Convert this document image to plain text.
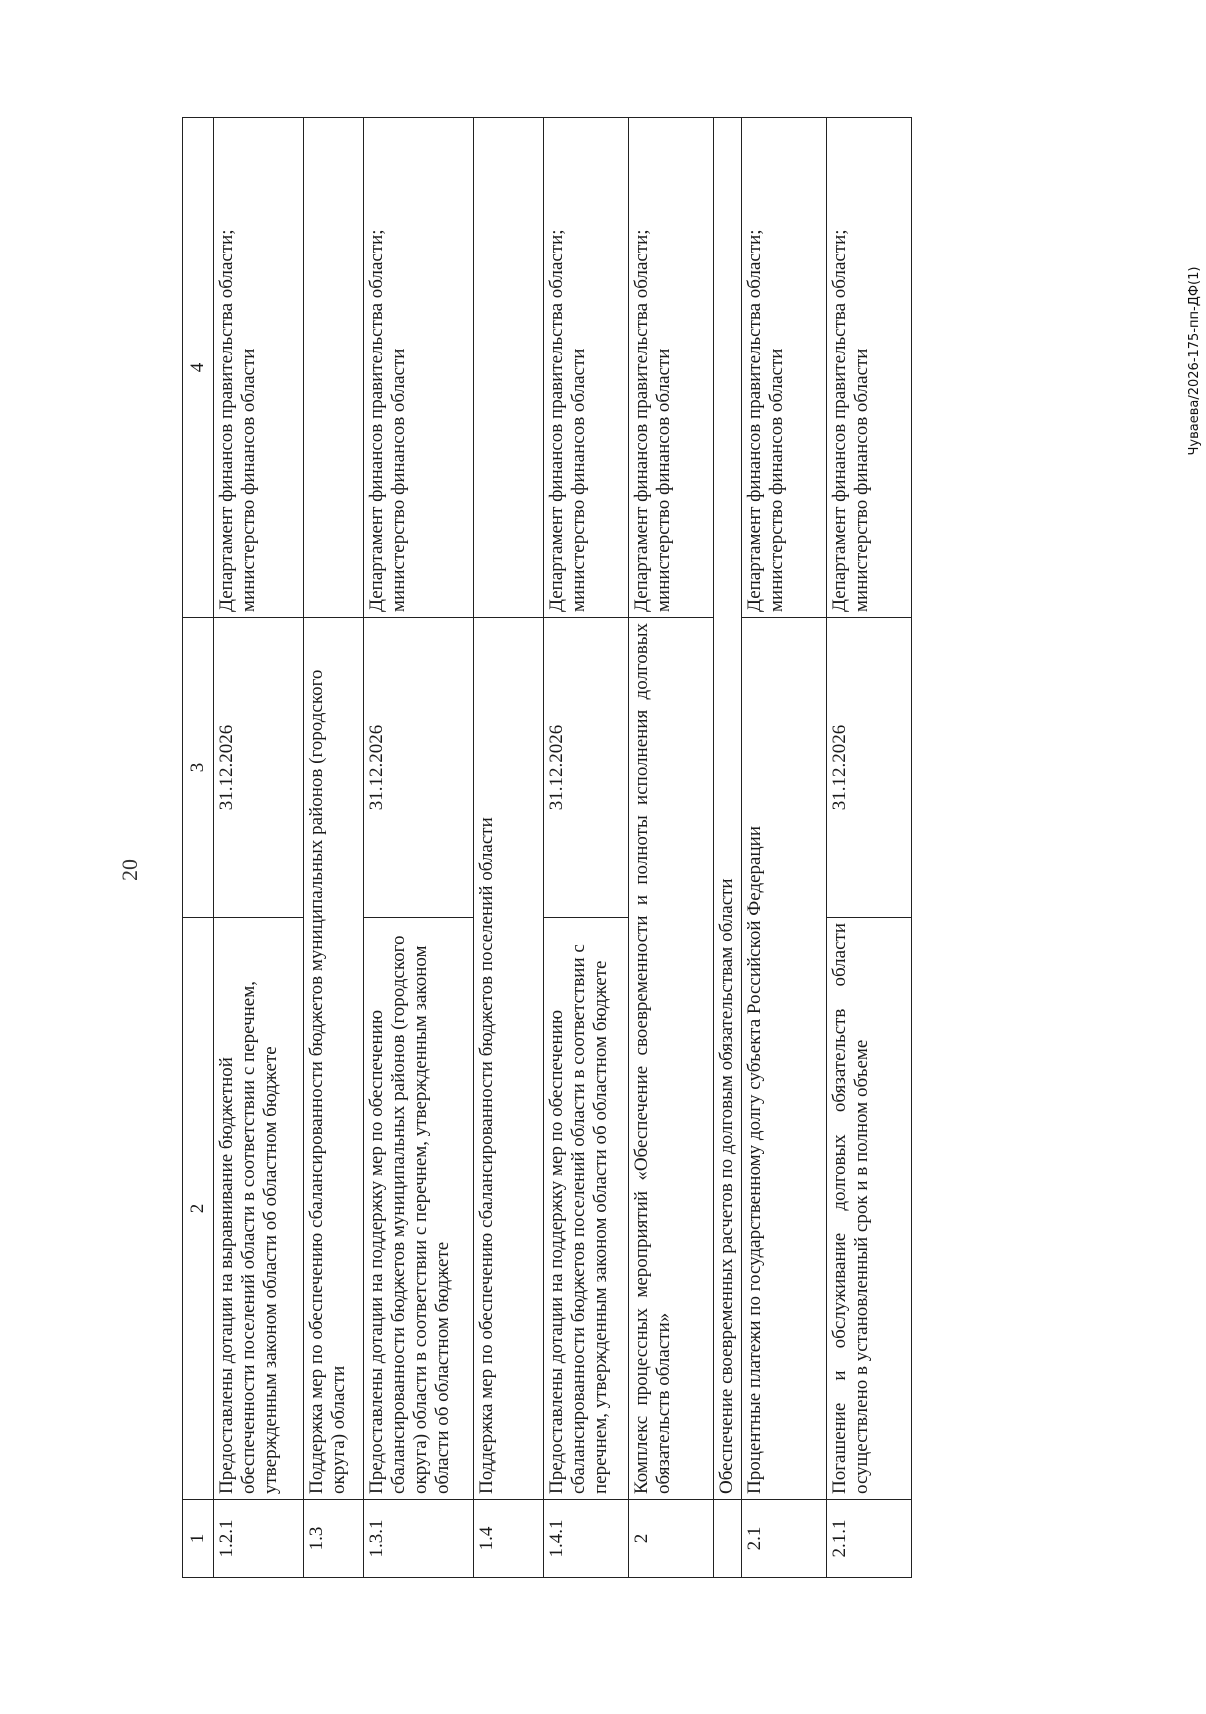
20
Чуваева/2026-175-пп-ДФ(1)
1	2	3	4
1.2.1	Предоставлены дотации на выравнивание бюджетной обеспеченности поселений области в соответствии с перечнем, утвержденным законом области об областном бюджете	31.12.2026	Департамент финансов правительства области; министерство финансов области
1.3	Поддержка мер по обеспечению сбалансированности бюджетов муниципальных районов (городского округа) области		
1.3.1	Предоставлены дотации на поддержку мер по обеспечению сбалансированности бюджетов муниципальных районов (городского округа) области в соответствии с перечнем, утвержденным законом области об областном бюджете	31.12.2026	Департамент финансов правительства области; министерство финансов области
1.4	Поддержка мер по обеспечению сбалансированности бюджетов поселений области		
1.4.1	Предоставлены дотации на поддержку мер по обеспечению сбалансированности бюджетов поселений области в соответствии с перечнем, утвержденным законом области об областном бюджете	31.12.2026	Департамент финансов правительства области; министерство финансов области
2	Комплекс процессных мероприятий «Обеспечение своевременности и полноты исполнения долговых обязательств области»		Департамент финансов правительства области; министерство финансов области
	Обеспечение своевременных расчетов по долговым обязательствам области		
2.1	Процентные платежи по государственному долгу субъекта Российской Федерации		Департамент финансов правительства области; министерство финансов области
2.1.1	Погашение и обслуживание долговых обязательств области осуществлено в установленный срок и в полном объеме	31.12.2026	Департамент финансов правительства области; министерство финансов области
